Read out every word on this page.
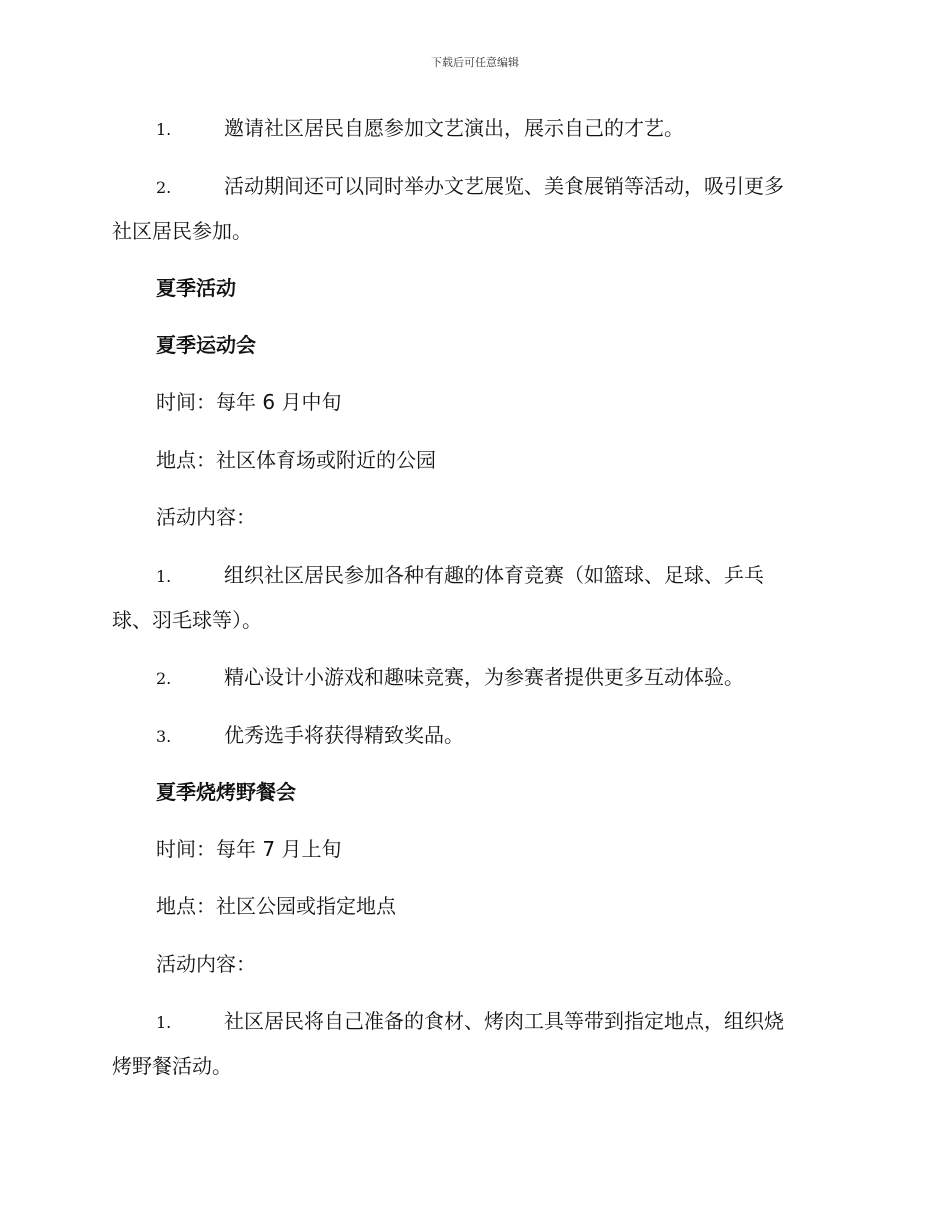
下载后可任意编辑
1.	邀请社区居民自愿参加文艺演出，展示自己的才艺。
2.	活动期间还可以同时举办文艺展览、美食展销等活动，吸引更多
社区居民参加。
夏季活动
夏季运动会
时间：每年 6 月中旬
地点：社区体育场或附近的公园
活动内容：
1.	组织社区居民参加各种有趣的体育竞赛（如篮球、足球、乒乓
球、羽毛球等）。
2.	精心设计小游戏和趣味竞赛，为参赛者提供更多互动体验。
3.	优秀选手将获得精致奖品。
夏季烧烤野餐会
时间：每年 7 月上旬
地点：社区公园或指定地点
活动内容：
1.	社区居民将自己准备的食材、烤肉工具等带到指定地点，组织烧
烤野餐活动。
